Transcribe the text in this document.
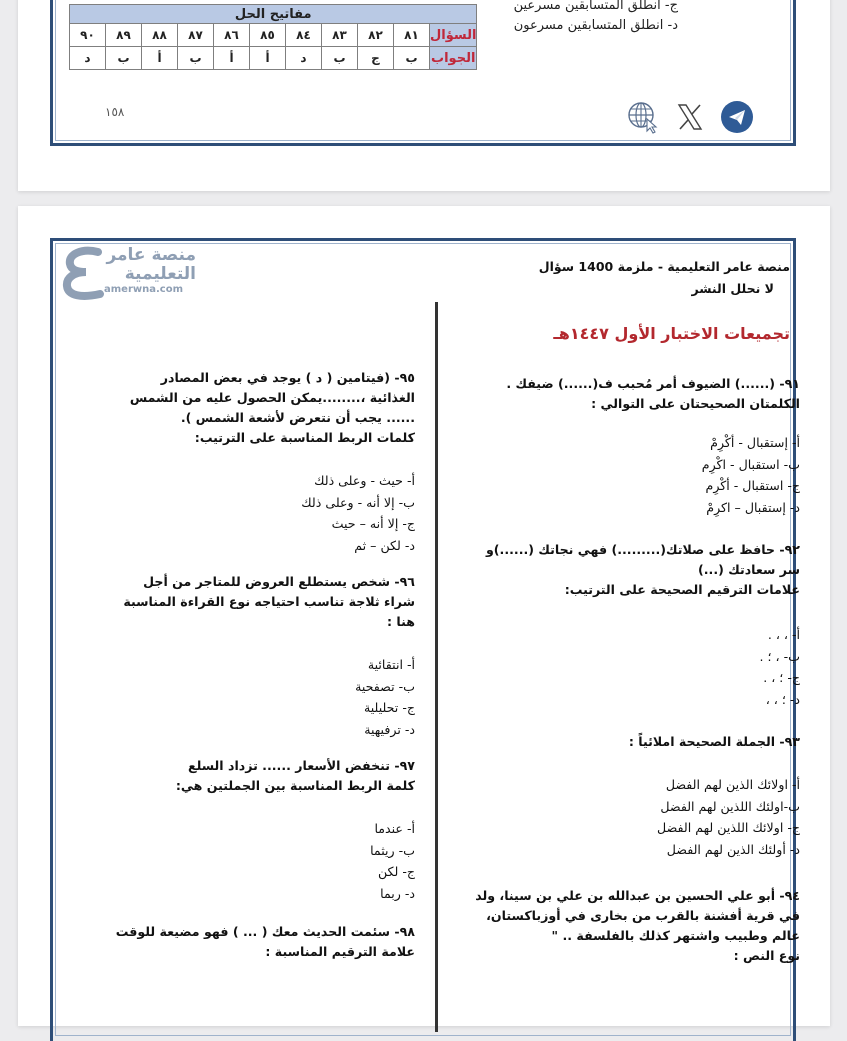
مفاتيح الحل										
السؤال	٨١	٨٢	٨٣	٨٤	٨٥	٨٦	٨٧	٨٨	٨٩	٩٠
الجواب	ب	ج	ب	د	أ	أ	ب	أ	ب	د
ج- انطلق المتسابقين مسرعين
د- انطلق المتسابقين مسرعون
١٥٨
منصة عامر
التعليمية
amerwna.com
منصة عامر التعليمية - ملزمة 1400 سؤال
لا نحلل النشر
تجميعات الاختبار الأول ١٤٤٧هـ
٩١- (......) الضيوف أمر مُحبب ف(......) ضيفك .
الكلمتان الصحيحتان على التوالي :
أ- إستقبال - أكْرِمْ
ب- استقبال - اكْرِم
ج- استقبال - أكْرِم
د- إستقبال – اكرِمْ
٩٢- حافظ على صلاتك(.........) فهي نجاتك (......)و سر سعادتك (...)
علامات الترقيم الصحيحة على الترتيب:
أ- ، ، .
ب- ، ؛ .
ج- ؛ ، .
د- ؛ ، ،
٩٣- الجملة الصحيحة املائياً :
أ- اولائك الذين لهم الفضل
ب-اولئك اللذين لهم الفضل
ج- اولائك اللذين لهم الفضل
د- أولئك الذين لهم الفضل
٩٤- أبو علي الحسين بن عبدالله بن علي بن سينا، ولد في قرية أفشنة بالقرب من بخارى في أوزباكستان، عالم وطبيب واشتهر كذلك بالفلسفة .. "
نوع النص :
٩٥- (فيتامين ( د ) يوجد في بعض المصادر الغذائية ،........يمكن الحصول عليه من الشمس ...... يجب أن نتعرض لأشعة الشمس ).
كلمات الربط المناسبة على الترتيب:
أ- حيث - وعلى ذلك
ب- إلا أنه - وعلى ذلك
ج- إلا أنه – حيث
د- لكن – ثم
٩٦- شخص يستطلع العروض للمتاجر من أجل شراء ثلاجة تناسب احتياجه نوع القراءة المناسبة هنا :
أ- انتقائية
ب- تصفحية
ج- تحليلية
د- ترفيهية
٩٧- تنخفض الأسعار ...... تزداد السلع
كلمة الربط المناسبة بين الجملتين هي:
أ- عندما
ب- ريثما
ج- لكن
د- ربما
٩٨- سئمت الحديث معك ( ... ) فهو مضيعة للوقت
علامة الترقيم المناسبة :
